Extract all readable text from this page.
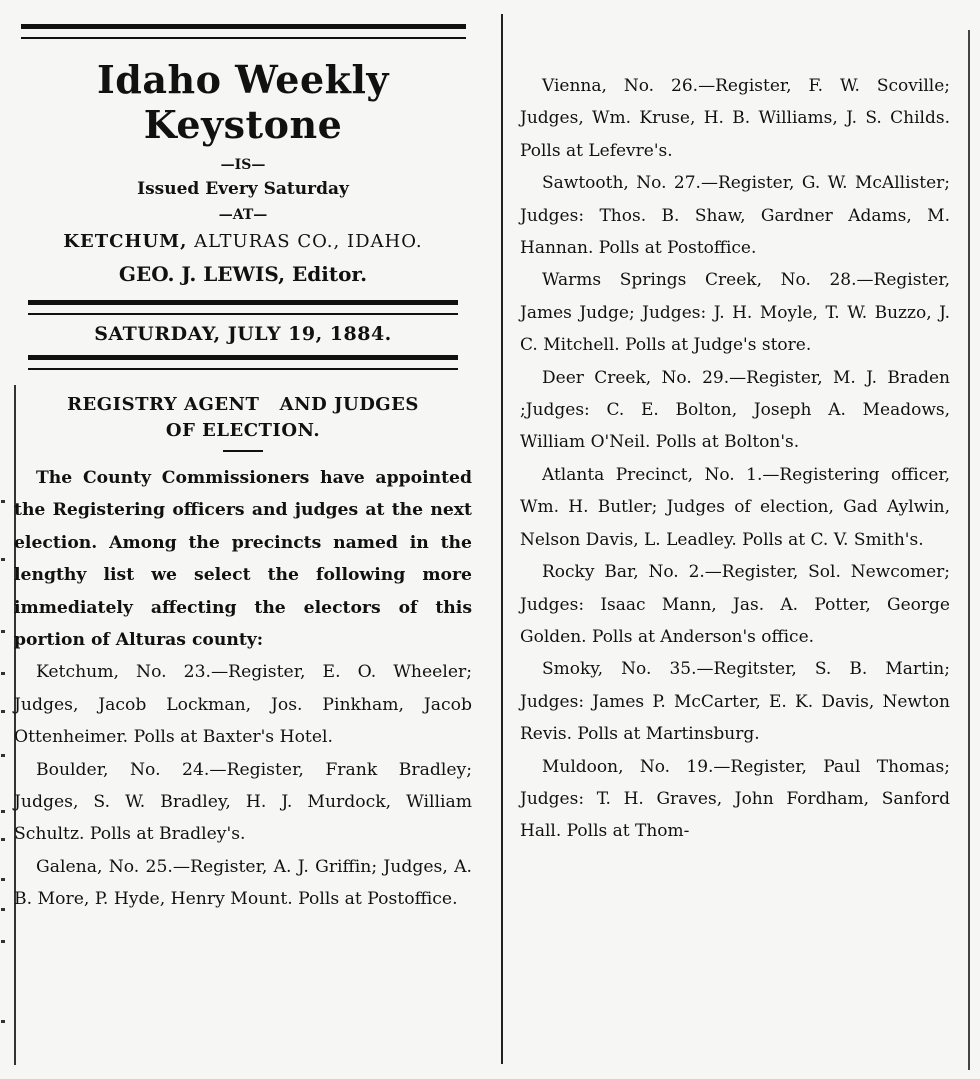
Idaho Weekly Keystone
—IS—
Issued Every Saturday
—AT—
KETCHUM, ALTURAS CO., IDAHO.
GEO. J. LEWIS, Editor.
SATURDAY, JULY 19, 1884.
REGISTRY AGENT   AND JUDGES
OF ELECTION.

The County Commissioners have appointed the Registering officers and judges at the next election. Among the precincts named in the lengthy list we select the following more immediately affecting the electors of this portion of Alturas county:

Ketchum, No. 23.—Register, E. O. Wheeler; Judges, Jacob Lockman, Jos. Pinkham, Jacob Ottenheimer. Polls at Baxter's Hotel.

Boulder, No. 24.—Register, Frank Bradley; Judges, S. W. Bradley, H. J. Murdock, William Schultz. Polls at Bradley's.

Galena, No. 25.—Register, A. J. Griffin; Judges, A. B. More, P. Hyde, Henry Mount. Polls at Postoffice.

Vienna, No. 26.—Register, F. W. Scoville; Judges, Wm. Kruse, H. B. Williams, J. S. Childs. Polls at Lefevre's.

Sawtooth, No. 27.—Register, G. W. McAllister; Judges: Thos. B. Shaw, Gardner Adams, M. Hannan. Polls at Postoffice.

Warms Springs Creek, No. 28.—Register, James Judge; Judges: J. H. Moyle, T. W. Buzzo, J. C. Mitchell. Polls at Judge's store.

Deer Creek, No. 29.—Register, M. J. Braden ;Judges: C. E. Bolton, Joseph A. Meadows, William O'Neil. Polls at Bolton's.

Atlanta Precinct, No. 1.—Registering officer, Wm. H. Butler; Judges of election, Gad Aylwin, Nelson Davis, L. Leadley. Polls at C. V. Smith's.

Rocky Bar, No. 2.—Register, Sol. Newcomer; Judges: Isaac Mann, Jas. A. Potter, George Golden. Polls at Anderson's office.

Smoky, No. 35.—Regitster, S. B. Martin; Judges: James P. McCarter, E. K. Davis, Newton Revis. Polls at Martinsburg.

Muldoon, No. 19.—Register, Paul Thomas; Judges: T. H. Graves, John Fordham, Sanford Hall. Polls at Thom-
